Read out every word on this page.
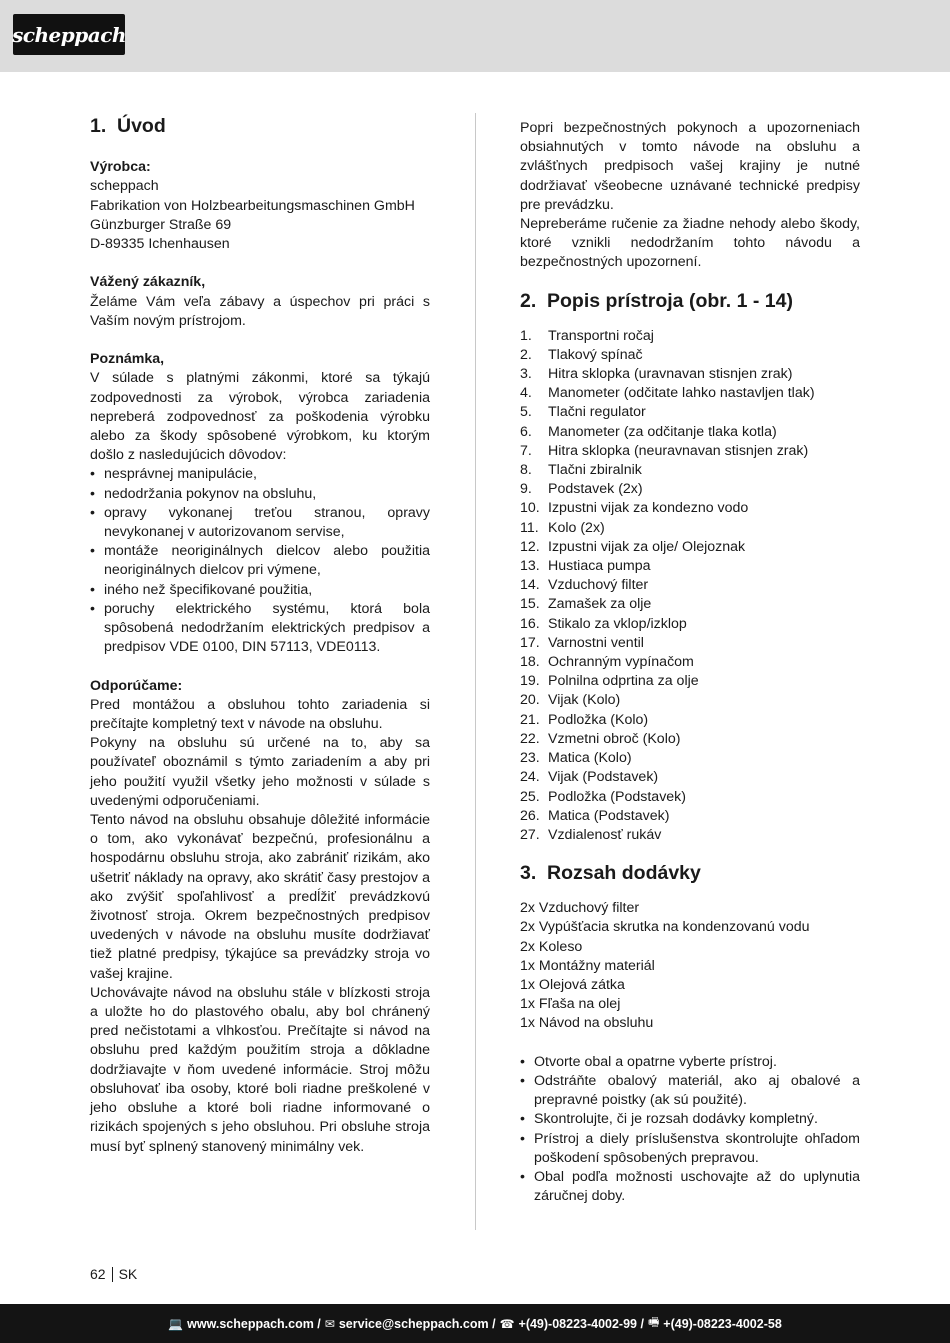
scheppach
1. Úvod
Výrobca:
scheppach
Fabrikation von Holzbearbeitungsmaschinen GmbH
Günzburger Straße 69
D-89335 Ichenhausen
Vážený zákazník,
Želáme Vám veľa zábavy a úspechov pri práci s Vaším novým prístrojom.
Poznámka,
V súlade s platnými zákonmi, ktoré sa týkajú zodpovednosti za výrobok, výrobca zariadenia nepreberá zodpovednosť za poškodenia výrobku alebo za škody spôsobené výrobkom, ku ktorým došlo z nasledujúcich dôvodov:
• nesprávnej manipulácie,
• nedodržania pokynov na obsluhu,
• opravy vykonanej treťou stranou, opravy nevykonanej v autorizovanom servise,
• montáže neoriginálnych dielcov alebo použitia neoriginálnych dielcov pri výmene,
• iného než špecifikované použitia,
• poruchy elektrického systému, ktorá bola spôsobená nedodržaním elektrických predpisov a predpisov VDE 0100, DIN 57113, VDE0113.
Odporúčame:
Pred montážou a obsluhou tohto zariadenia si prečítajte kompletný text v návode na obsluhu.
Pokyny na obsluhu sú určené na to, aby sa používateľ oboznámil s týmto zariadením a aby pri jeho použití využil všetky jeho možnosti v súlade s uvedenými odporučeniami.
Tento návod na obsluhu obsahuje dôležité informácie o tom, ako vykonávať bezpečnú, profesionálnu a hospodárnu obsluhu stroja, ako zabrániť rizikám, ako ušetriť náklady na opravy, ako skrátiť časy prestojov a ako zvýšiť spoľahlivosť a predĺžiť prevádzkovú životnosť stroja. Okrem bezpečnostných predpisov uvedených v návode na obsluhu musíte dodržiavať tiež platné predpisy, týkajúce sa prevádzky stroja vo vašej krajine.
Uchovávajte návod na obsluhu stále v blízkosti stroja a uložte ho do plastového obalu, aby bol chránený pred nečistotami a vlhkosťou. Prečítajte si návod na obsluhu pred každým použitím stroja a dôkladne dodržiavajte v ňom uvedené informácie. Stroj môžu obsluhovať iba osoby, ktoré boli riadne preškolené v jeho obsluhe a ktoré boli riadne informované o rizikách spojených s jeho obsluhou. Pri obsluhe stroja musí byť splnený stanovený minimálny vek.
Popri bezpečnostných pokynoch a upozorneniach obsiahnutých v tomto návode na obsluhu a zvlášťnych predpisoch vašej krajiny je nutné dodržiavať všeobecne uznávané technické predpisy pre prevádzku.
Nepreberáme ručenie za žiadne nehody alebo škody, ktoré vznikli nedodržaním tohto návodu a bezpečnostných upozornení.
2. Popis prístroja (obr. 1 - 14)
1.	Transportni ročaj
2.	Tlakový spínač
3.	Hitra sklopka (uravnavan stisnjen zrak)
4.	Manometer (odčitate lahko nastavljen tlak)
5.	Tlačni regulator
6.	Manometer (za odčitanje tlaka kotla)
7.	Hitra sklopka (neuravnavan stisnjen zrak)
8.	Tlačni zbiralnik
9.	Podstavek (2x)
10. Izpustni vijak za kondezno vodo
11. Kolo (2x)
12. Izpustni vijak za olje/ Olejoznak
13. Hustiaca pumpa
14. Vzduchový filter
15. Zamašek za olje
16. Stikalo za vklop/izklop
17. Varnostni ventil
18. Ochranným vypínačom
19. Polnilna odprtina za olje
20. Vijak (Kolo)
21. Podložka (Kolo)
22. Vzmetni obroč (Kolo)
23. Matica (Kolo)
24. Vijak (Podstavek)
25. Podložka (Podstavek)
26. Matica (Podstavek)
27. Vzdialenosť rukáv
3. Rozsah dodávky
2x Vzduchový filter
2x Vypúšťacia skrutka na kondenzovanú vodu
2x Koleso
1x Montážny materiál
1x Olejová zátka
1x Fľaša na olej
1x Návod na obsluhu
• Otvorte obal a opatrne vyberte prístroj.
• Odstráňte obalový materiál, ako aj obalové a prepravné poistky (ak sú použité).
• Skontrolujte, či je rozsah dodávky kompletný.
• Prístroj a diely príslušenstva skontrolujte ohľadom poškodení spôsobených prepravou.
• Obal podľa možnosti uschovajte až do uplynutia záručnej doby.
62 SK
💻 www.scheppach.com / ✉ service@scheppach.com / ☎ +(49)-08223-4002-99 / 🖷 +(49)-08223-4002-58
